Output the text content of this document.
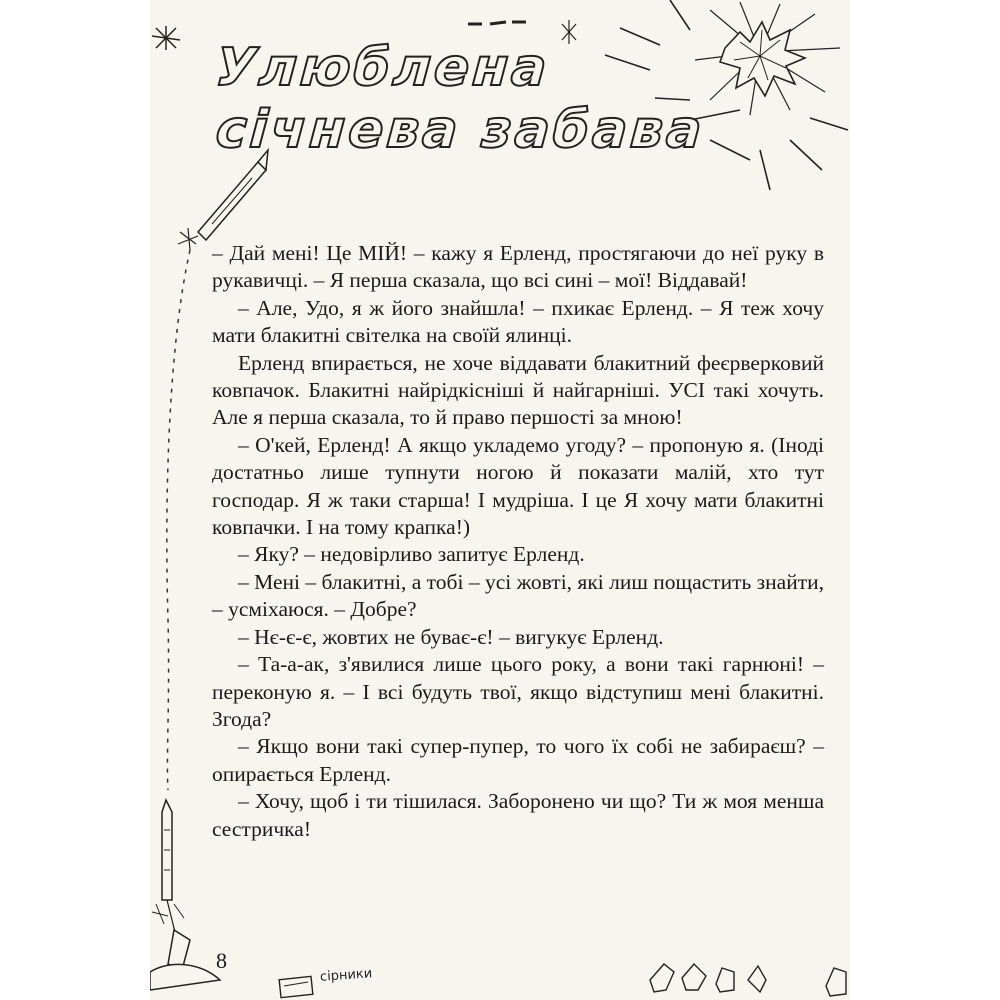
Улюблена
січнева забава

– Дай мені! Це МІЙ! – кажу я Ерленд, простягаючи до неї руку в рукавичці. – Я перша сказала, що всі сині – мої! Віддавай!

– Але, Удо, я ж його знайшла! – пхикає Ерленд. – Я теж хочу мати блакитні світелка на своїй ялинці.

Ерленд впирається, не хоче віддавати блакитний феєрверковий ковпачок. Блакитні найрідкісніші й найгарніші. УСІ такі хочуть. Але я перша сказала, то й право першості за мною!

– О'кей, Ерленд! А якщо укладемо угоду? – пропоную я. (Іноді достатньо лише тупнути ногою й показати малій, хто тут господар. Я ж таки старша! І мудріша. І це Я хочу мати блакитні ковпачки. І на тому крапка!)

– Яку? – недовірливо запитує Ерленд.

– Мені – блакитні, а тобі – усі жовті, які лиш пощастить знайти, – усміхаюся. – Добре?

– Нє-є-є, жовтих не буває-є! – вигукує Ерленд.

– Та-а-ак, з'явилися лише цього року, а вони такі гарнюні! – переконую я. – І всі будуть твої, якщо відступиш мені блакитні. Згода?

– Якщо вони такі супер-пупер, то чого їх собі не забираєш? – опирається Ерленд.

– Хочу, щоб і ти тішилася. Заборонено чи що? Ти ж моя менша сестричка!

8
сірники
